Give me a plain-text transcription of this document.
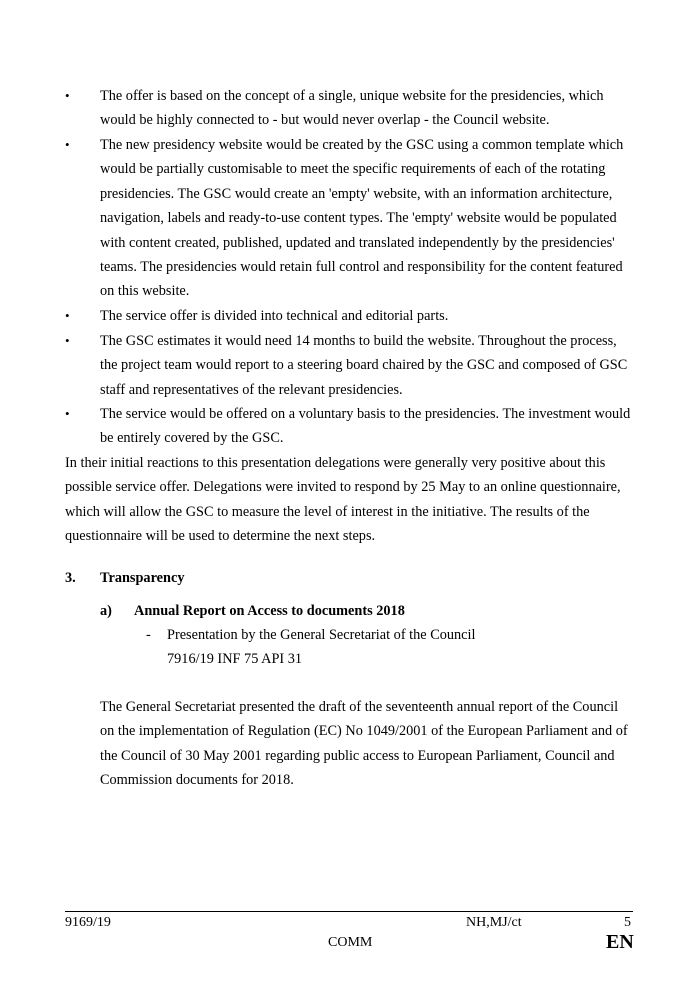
• The offer is based on the concept of a single, unique website for the presidencies, which would be highly connected to - but would never overlap - the Council website.
• The new presidency website would be created by the GSC using a common template which would be partially customisable to meet the specific requirements of each of the rotating presidencies. The GSC would create an 'empty' website, with an information architecture, navigation, labels and ready-to-use content types. The 'empty' website would be populated with content created, published, updated and translated independently by the presidencies' teams. The presidencies would retain full control and responsibility for the content featured on this website.
• The service offer is divided into technical and editorial parts.
• The GSC estimates it would need 14 months to build the website. Throughout the process, the project team would report to a steering board chaired by the GSC and composed of GSC staff and representatives of the relevant presidencies.
• The service would be offered on a voluntary basis to the presidencies. The investment would be entirely covered by the GSC.
In their initial reactions to this presentation delegations were generally very positive about this possible service offer. Delegations were invited to respond by 25 May to an online questionnaire, which will allow the GSC to measure the level of interest in the initiative. The results of the questionnaire will be used to determine the next steps.
3. Transparency
a) Annual Report on Access to documents 2018
- Presentation by the General Secretariat of the Council
7916/19 INF 75 API 31
The General Secretariat presented the draft of the seventeenth annual report of the Council on the implementation of Regulation (EC) No 1049/2001 of the European Parliament and of the Council of 30 May 2001 regarding public access to European Parliament, Council and Commission documents for 2018.
9169/19	NH,MJ/ct	5
COMM	EN
